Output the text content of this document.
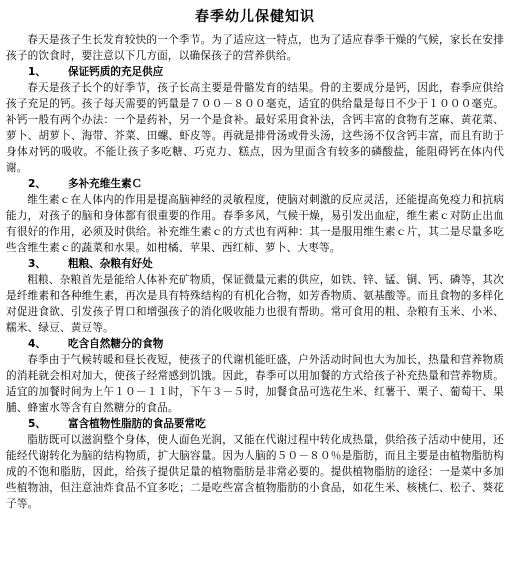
春季幼儿保健知识

春天是孩子生长发育较快的一个季节。为了适应这一特点，也为了适应春季干燥的气候，家长在安排孩子的饮食时，要注意以下几方面，以确保孩子的营养供给。

1、 保证钙质的充足供应

春天是孩子长个的好季节，孩子长高主要是骨骼发育的结果。骨的主要成分是钙，因此，春季应供给孩子充足的钙。孩子每天需要的钙量是７００－８００毫克，适宜的供给量是每日不少于１０００毫克。补钙一般有两个办法：一个是药补，另一个是食补。最好采用食补法，含钙丰富的食物有芝麻、黄花菜、萝卜、胡萝卜、海带、芥菜、田螺、虾皮等。再就是排骨汤或骨头汤，这些汤不仅含钙丰富，而且有助于身体对钙的吸收。不能让孩子多吃糖、巧克力、糕点，因为里面含有较多的磷酸盐，能阻碍钙在体内代谢。

2、 多补充维生素Ｃ

维生素ｃ在人体内的作用是提高脑神经的灵敏程度，使脑对刺激的反应灵活，还能提高免疫力和抗病能力，对孩子的脑和身体都有很重要的作用。春季多风，气候干燥，易引发出血症，维生素ｃ对防止出血有很好的作用，必须及时供给。补充维生素ｃ的方式也有两种：其一是服用维生素ｃ片，其二是尽量多吃些含维生素ｃ的蔬菜和水果。如柑橘、苹果、西红柿、萝卜、大枣等。

3、 粗粮、杂粮有好处

粗粮、杂粮首先是能给人体补充矿物质，保证微量元素的供应，如铁、锌、锰、铜、钙、磷等，其次是纤维素和各种维生素，再次是具有特殊结构的有机化合物，如芳香物质、氨基酸等。而且食物的多样化对促进食欲、引发孩子胃口和增强孩子的消化吸收能力也很有帮助。常可食用的粗、杂粮有玉米、小米、糯米、绿豆、黄豆等。

4、 吃含自然糖分的食物

春季由于气候转暖和昼长夜短，使孩子的代谢机能旺盛，户外活动时间也大为加长，热量和营养物质的消耗就会相对加大，使孩子经常感到饥饿。因此，春季可以用加餐的方式给孩子补充热量和营养物质。适宜的加餐时间为上午１０－１１时，下午３－５时，加餐食品可选花生米、红薯干、栗子、葡萄干、果脯、蜂蜜水等含有自然糖分的食品。

5、 富含植物性脂肪的食品要常吃

脂肪既可以滋润整个身体，使人面色光润，又能在代谢过程中转化成热量，供给孩子活动中使用，还能经代谢转化为脑的结构物质，扩大脑容量。因为人脑的５０－８０％是脂肪，而且主要是由植物脂肪构成的不饱和脂肪，因此，给孩子提供足量的植物脂肪是非常必要的。提供植物脂肪的途径：一是菜中多加些植物油，但注意油炸食品不宜多吃；二是吃些富含植物脂肪的小食品，如花生米、核桃仁、松子、葵花子等。
